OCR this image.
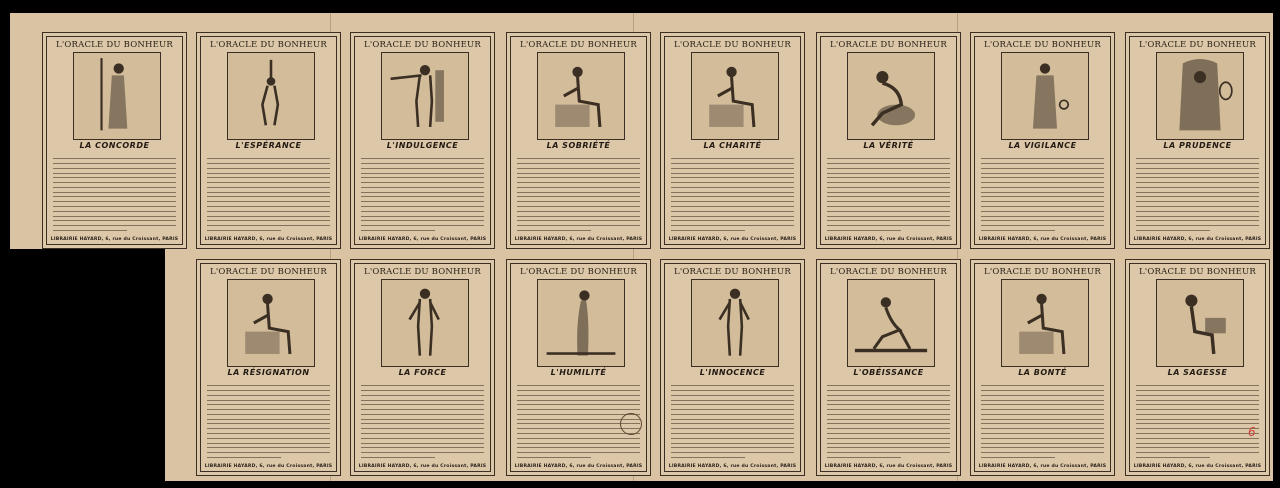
L'ORACLE DU BONHEUR
LA CONCORDE
LIBRAIRIE HAYARD, 6, rue du Croissant, PARIS
L'ORACLE DU BONHEUR
L'ESPÉRANCE
LIBRAIRIE HAYARD, 6, rue du Croissant, PARIS
L'ORACLE DU BONHEUR
L'INDULGENCE
LIBRAIRIE HAYARD, 6, rue du Croissant, PARIS
L'ORACLE DU BONHEUR
LA SOBRIÉTÉ
LIBRAIRIE HAYARD, 6, rue du Croissant, PARIS
L'ORACLE DU BONHEUR
LA CHARITÉ
LIBRAIRIE HAYARD, 6, rue du Croissant, PARIS
L'ORACLE DU BONHEUR
LA VÉRITÉ
LIBRAIRIE HAYARD, 6, rue du Croissant, PARIS
L'ORACLE DU BONHEUR
LA VIGILANCE
LIBRAIRIE HAYARD, 6, rue du Croissant, PARIS
L'ORACLE DU BONHEUR
LA PRUDENCE
LIBRAIRIE HAYARD, 6, rue du Croissant, PARIS
L'ORACLE DU BONHEUR
LA RÉSIGNATION
LIBRAIRIE HAYARD, 6, rue du Croissant, PARIS
L'ORACLE DU BONHEUR
LA FORCE
LIBRAIRIE HAYARD, 6, rue du Croissant, PARIS
L'ORACLE DU BONHEUR
L'HUMILITÉ
LIBRAIRIE HAYARD, 6, rue du Croissant, PARIS
L'ORACLE DU BONHEUR
L'INNOCENCE
LIBRAIRIE HAYARD, 6, rue du Croissant, PARIS
L'ORACLE DU BONHEUR
L'OBÉISSANCE
LIBRAIRIE HAYARD, 6, rue du Croissant, PARIS
L'ORACLE DU BONHEUR
LA BONTÉ
LIBRAIRIE HAYARD, 6, rue du Croissant, PARIS
L'ORACLE DU BONHEUR
LA SAGESSE
LIBRAIRIE HAYARD, 6, rue du Croissant, PARIS
6
